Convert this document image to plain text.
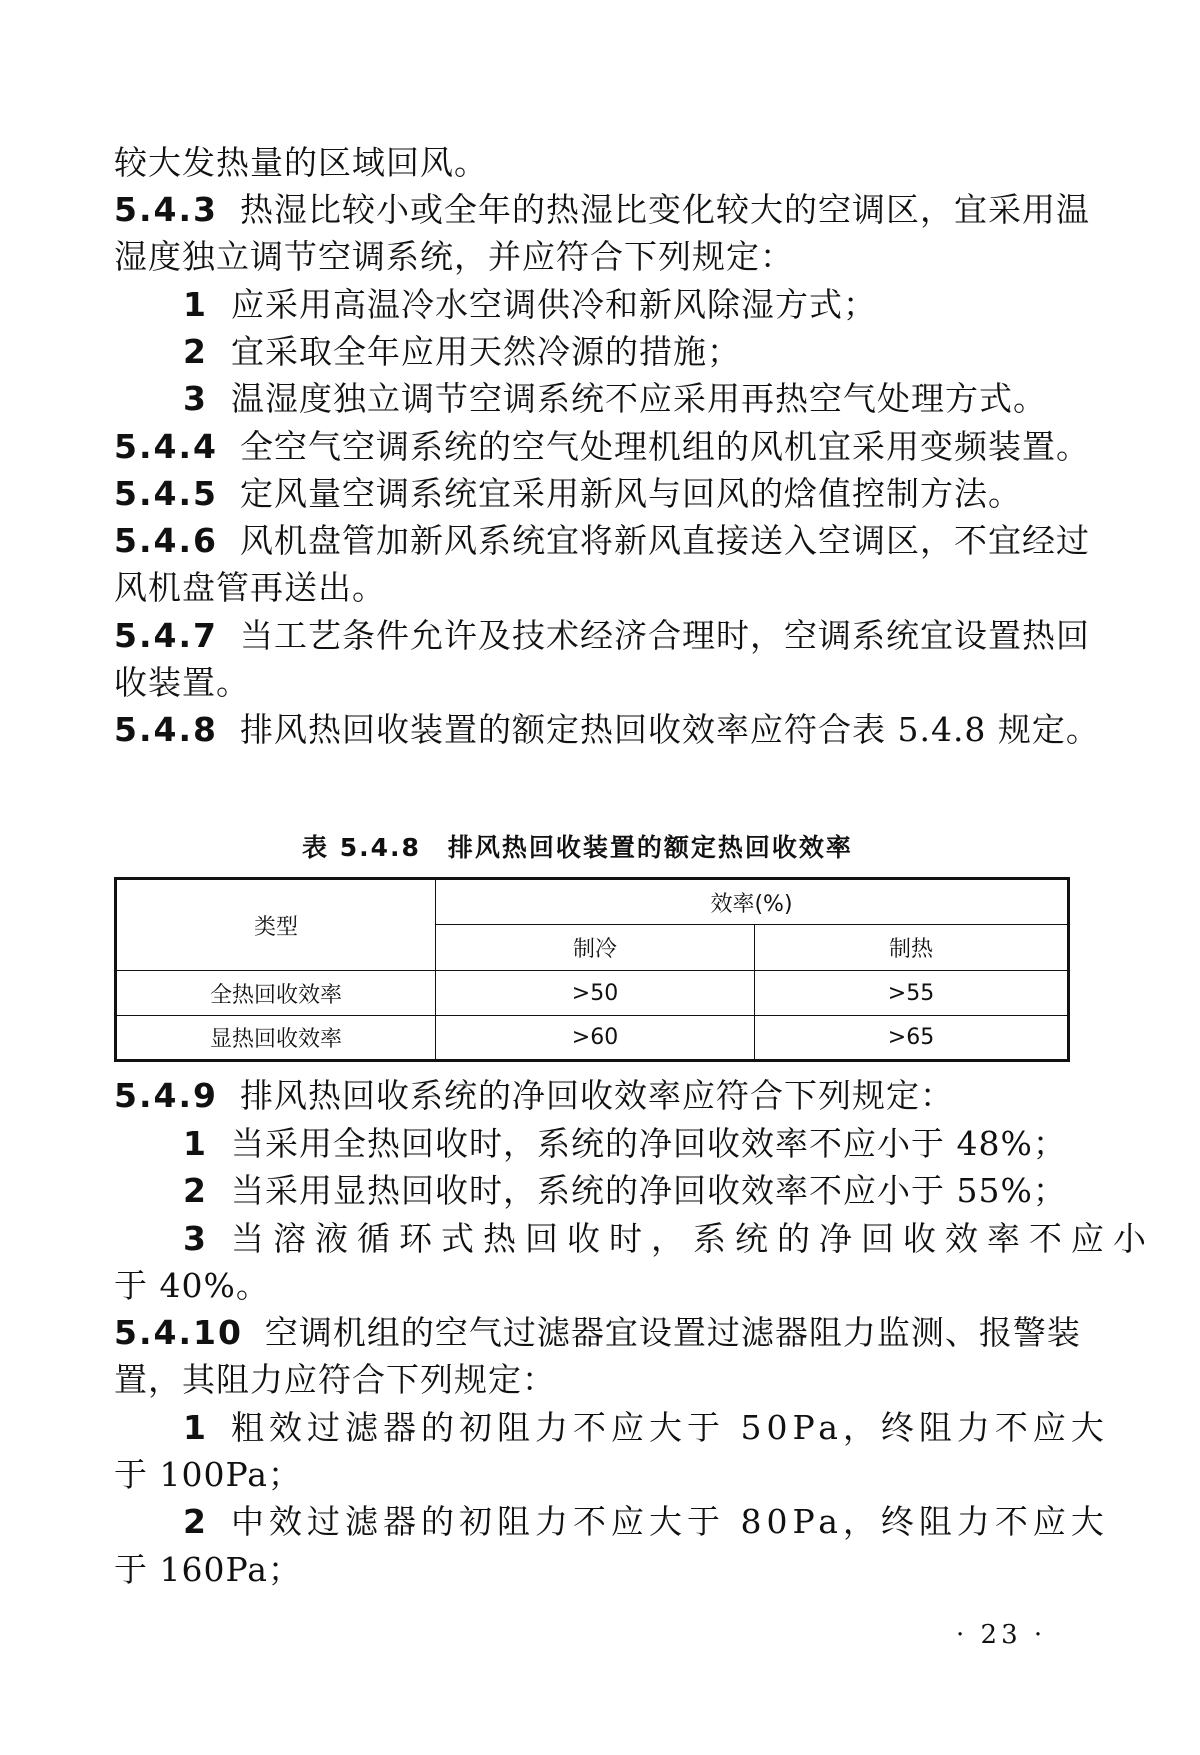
较大发热量的区域回风。
5.4.3 热湿比较小或全年的热湿比变化较大的空调区，宜采用温
湿度独立调节空调系统，并应符合下列规定：
1 应采用高温冷水空调供冷和新风除湿方式；
2 宜采取全年应用天然冷源的措施；
3 温湿度独立调节空调系统不应采用再热空气处理方式。
5.4.4 全空气空调系统的空气处理机组的风机宜采用变频装置。
5.4.5 定风量空调系统宜采用新风与回风的焓值控制方法。
5.4.6 风机盘管加新风系统宜将新风直接送入空调区，不宜经过
风机盘管再送出。
5.4.7 当工艺条件允许及技术经济合理时，空调系统宜设置热回
收装置。
5.4.8 排风热回收装置的额定热回收效率应符合表 5.4.8 规定。
表 5.4.8　排风热回收装置的额定热回收效率
类型	效率(%)	
	制冷	制热
全热回收效率	>50	>55
显热回收效率	>60	>65
5.4.9 排风热回收系统的净回收效率应符合下列规定：
1 当采用全热回收时，系统的净回收效率不应小于 48%；
2 当采用显热回收时，系统的净回收效率不应小于 55%；
3 当溶液循环式热回收时，系统的净回收效率不应小
于 40%。
5.4.10 空调机组的空气过滤器宜设置过滤器阻力监测、报警装
置，其阻力应符合下列规定：
1 粗效过滤器的初阻力不应大于 50Pa，终阻力不应大
于 100Pa；
2 中效过滤器的初阻力不应大于 80Pa，终阻力不应大
于 160Pa；
· 23 ·
